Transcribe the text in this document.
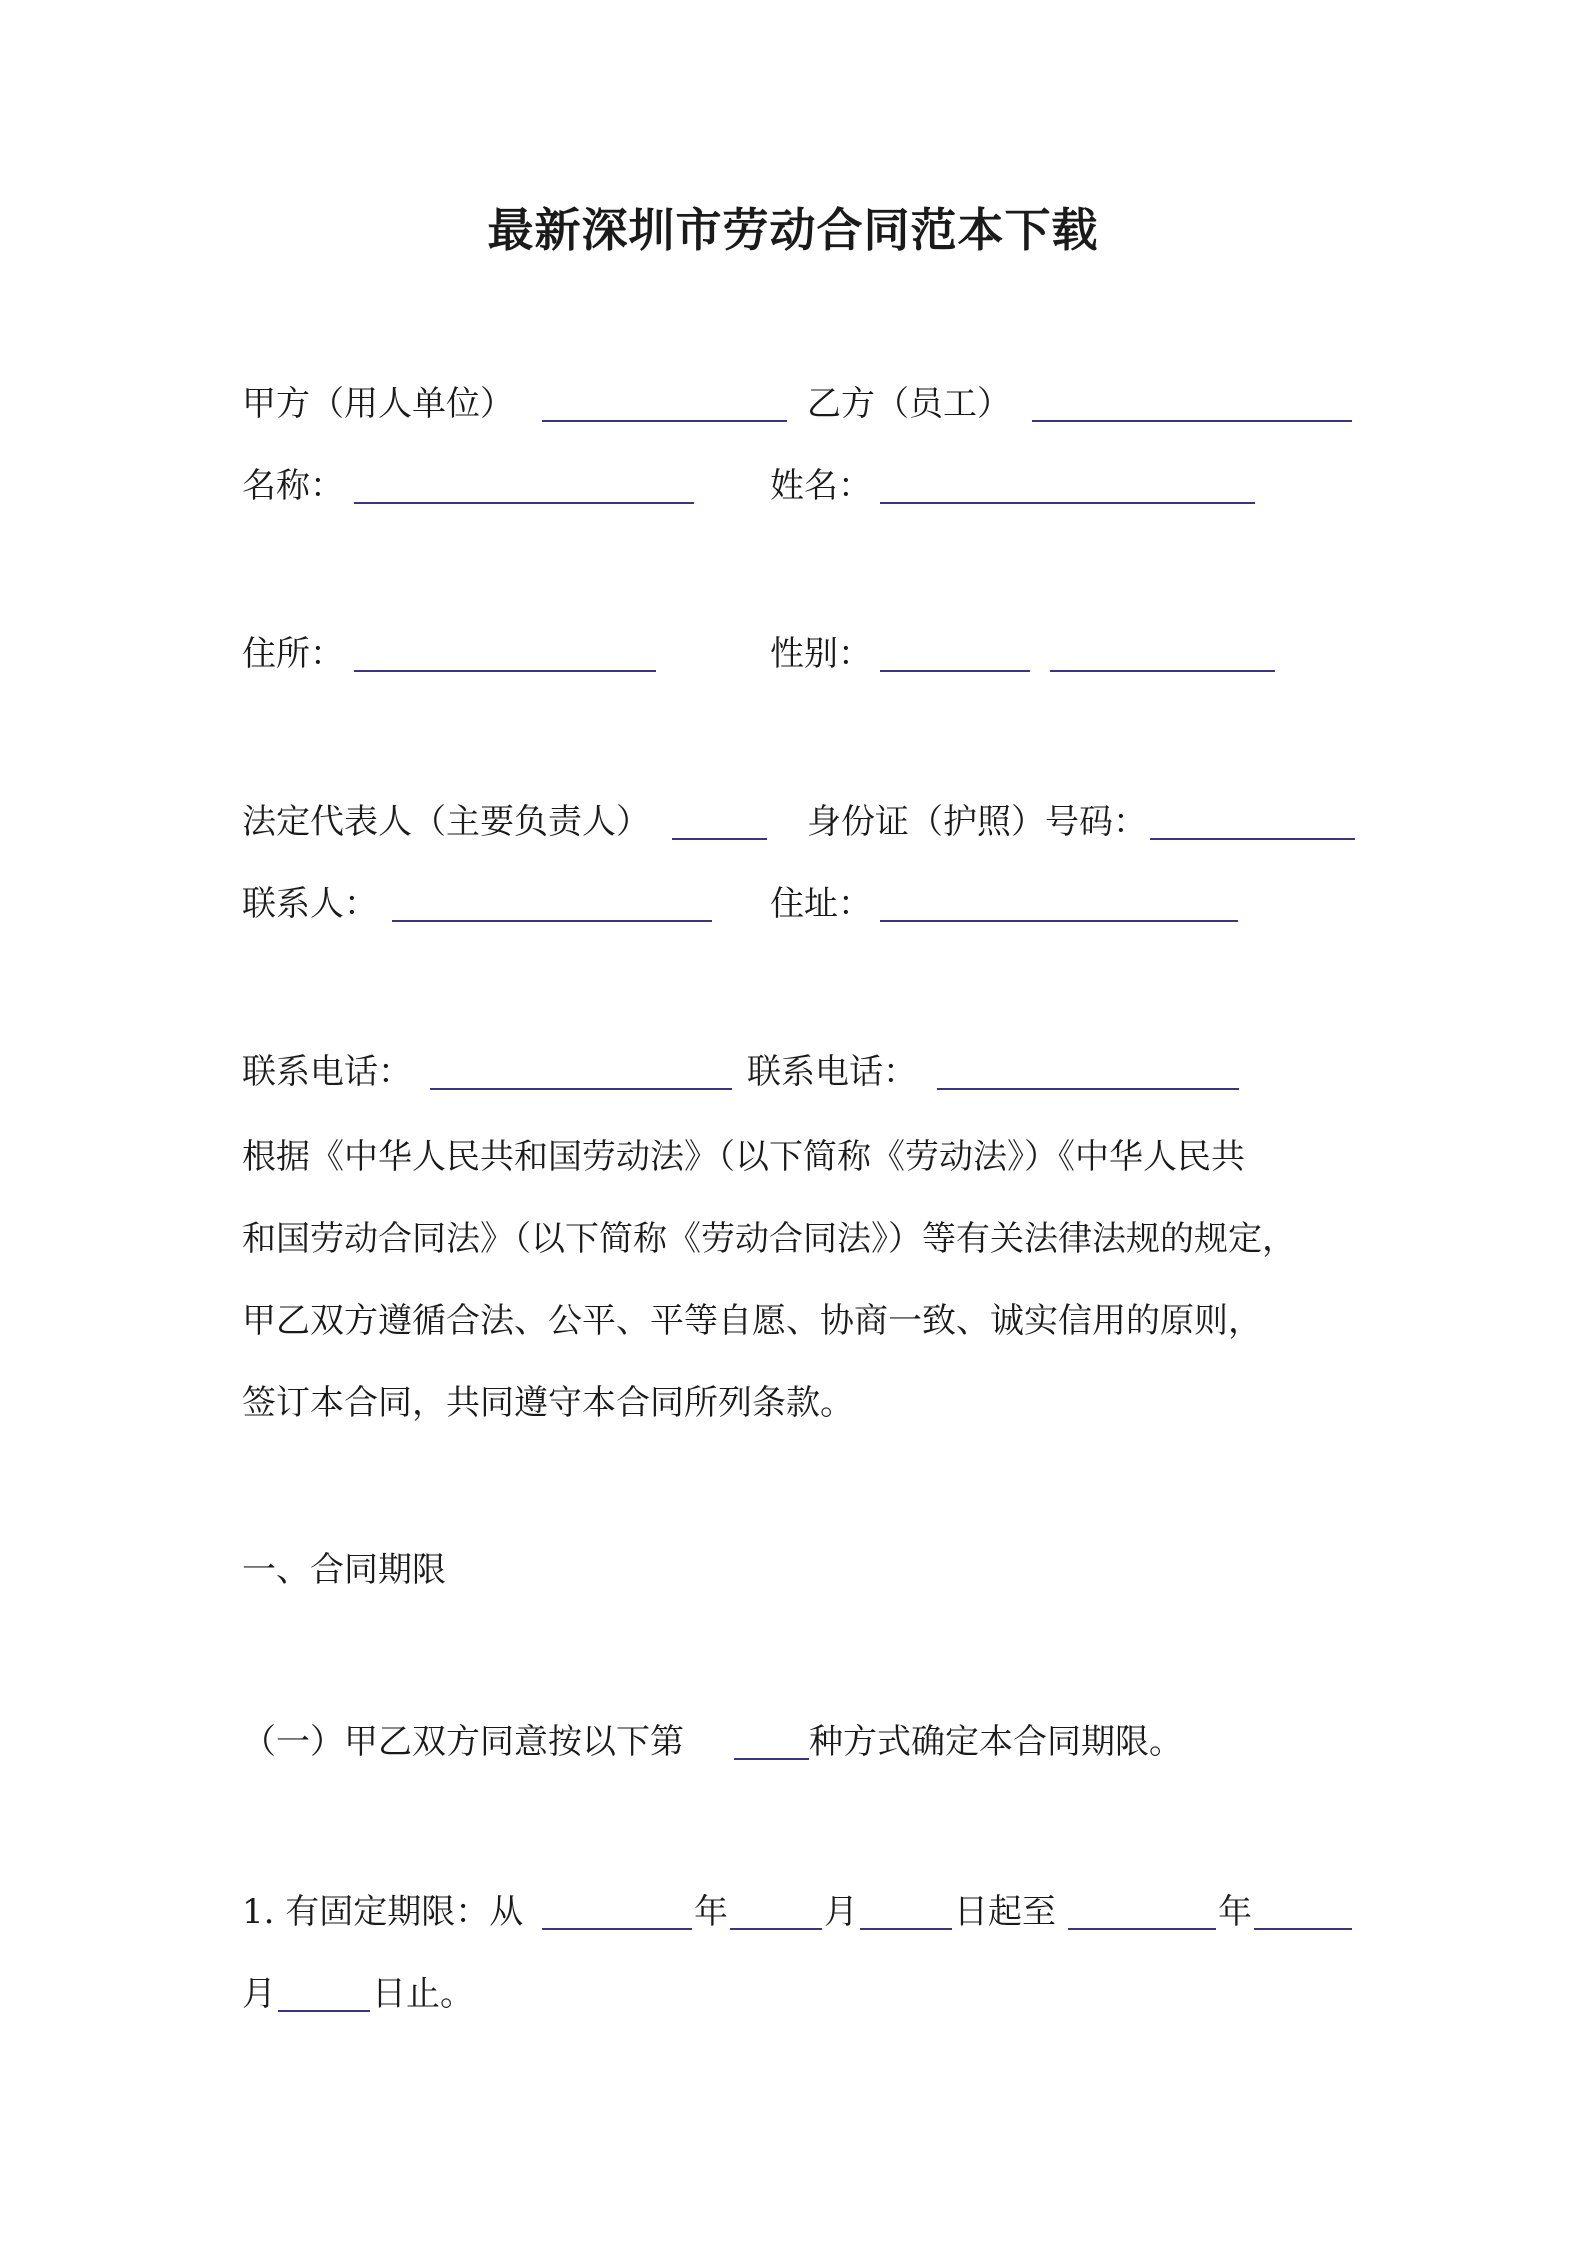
最新深圳市劳动合同范本下载
甲方（用人单位）	乙方（员工）
名称：	姓名：
住所：	性别：
法定代表人（主要负责人）	身份证（护照）号码：
联系人：	住址：
联系电话：	联系电话：
根据《中华人民共和国劳动法》（以下简称《劳动法》）《中华人民共
和国劳动合同法》（以下简称《劳动合同法》）等有关法律法规的规定，
甲乙双方遵循合法、公平、平等自愿、协商一致、诚实信用的原则，
签订本合同，共同遵守本合同所列条款。
一、合同期限
（一）甲乙双方同意按以下第	种方式确定本合同期限。
1. 有固定期限：从	年	月	日起至	年
月	日止。
